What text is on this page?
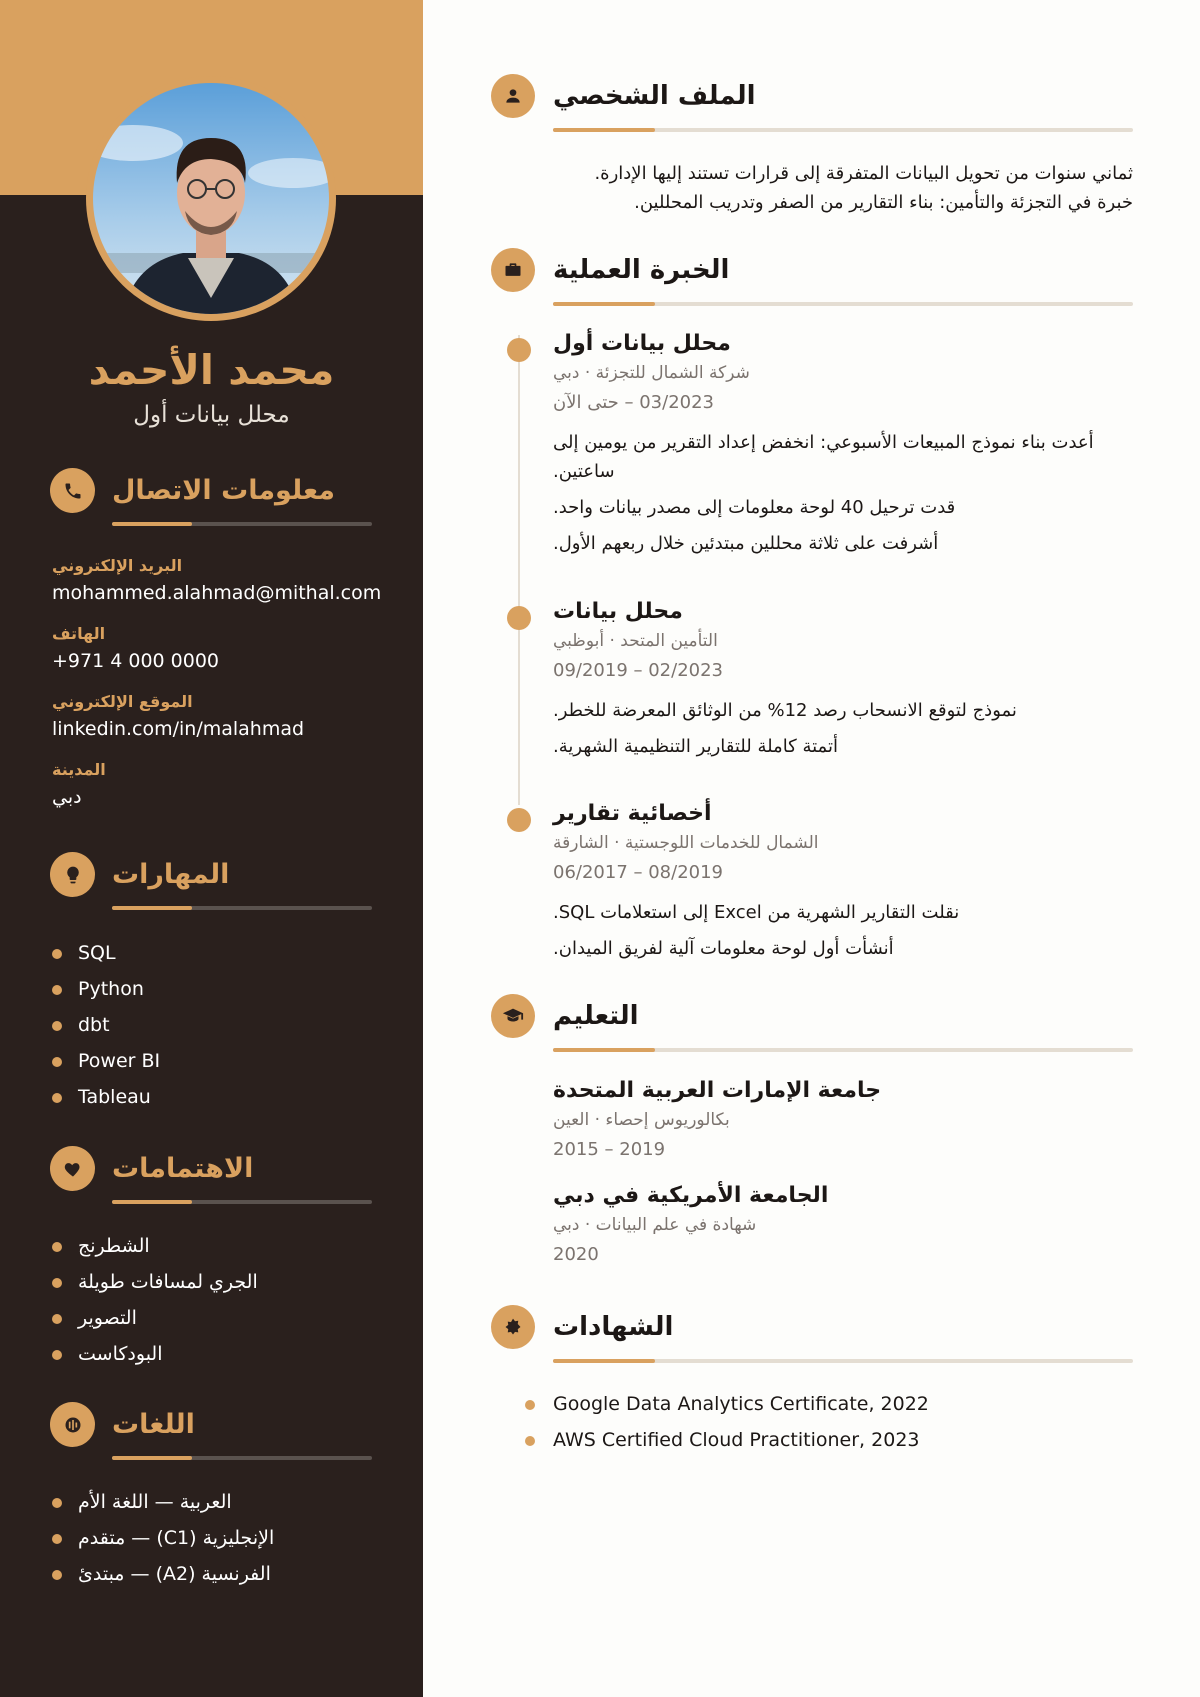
محمد الأحمد
محلل بيانات أول
معلومات الاتصال
البريد الإلكتروني
mohammed.alahmad@mithal.com
الهاتف
+971 4 000 0000
الموقع الإلكتروني
linkedin.com/in/malahmad
المدينة
دبي
المهارات
SQL
Python
dbt
Power BI
Tableau
الاهتمامات
الشطرنج
الجري لمسافات طويلة
التصوير
البودكاست
اللغات
العربية — اللغة الأم
الإنجليزية (C1) — متقدم
الفرنسية (A2) — مبتدئ
الملف الشخصي
ثماني سنوات من تحويل البيانات المتفرقة إلى قرارات تستند إليها الإدارة.
خبرة في التجزئة والتأمين: بناء التقارير من الصفر وتدريب المحللين.
الخبرة العملية
محلل بيانات أول
شركة الشمال للتجزئة · دبي
03/2023 – حتى الآن
أعدت بناء نموذج المبيعات الأسبوعي: انخفض إعداد التقرير من يومين إلى ساعتين.
قدت ترحيل 40 لوحة معلومات إلى مصدر بيانات واحد.
أشرفت على ثلاثة محللين مبتدئين خلال ربعهم الأول.
محلل بيانات
التأمين المتحد · أبوظبي
09/2019 – 02/2023
نموذج لتوقع الانسحاب رصد 12% من الوثائق المعرضة للخطر.
أتمتة كاملة للتقارير التنظيمية الشهرية.
أخصائية تقارير
الشمال للخدمات اللوجستية · الشارقة
06/2017 – 08/2019
نقلت التقارير الشهرية من Excel إلى استعلامات SQL.
أنشأت أول لوحة معلومات آلية لفريق الميدان.
التعليم
جامعة الإمارات العربية المتحدة
بكالوريوس إحصاء · العين
2015 – 2019
الجامعة الأمريكية في دبي
شهادة في علم البيانات · دبي
2020
الشهادات
Google Data Analytics Certificate, 2022
AWS Certified Cloud Practitioner, 2023
